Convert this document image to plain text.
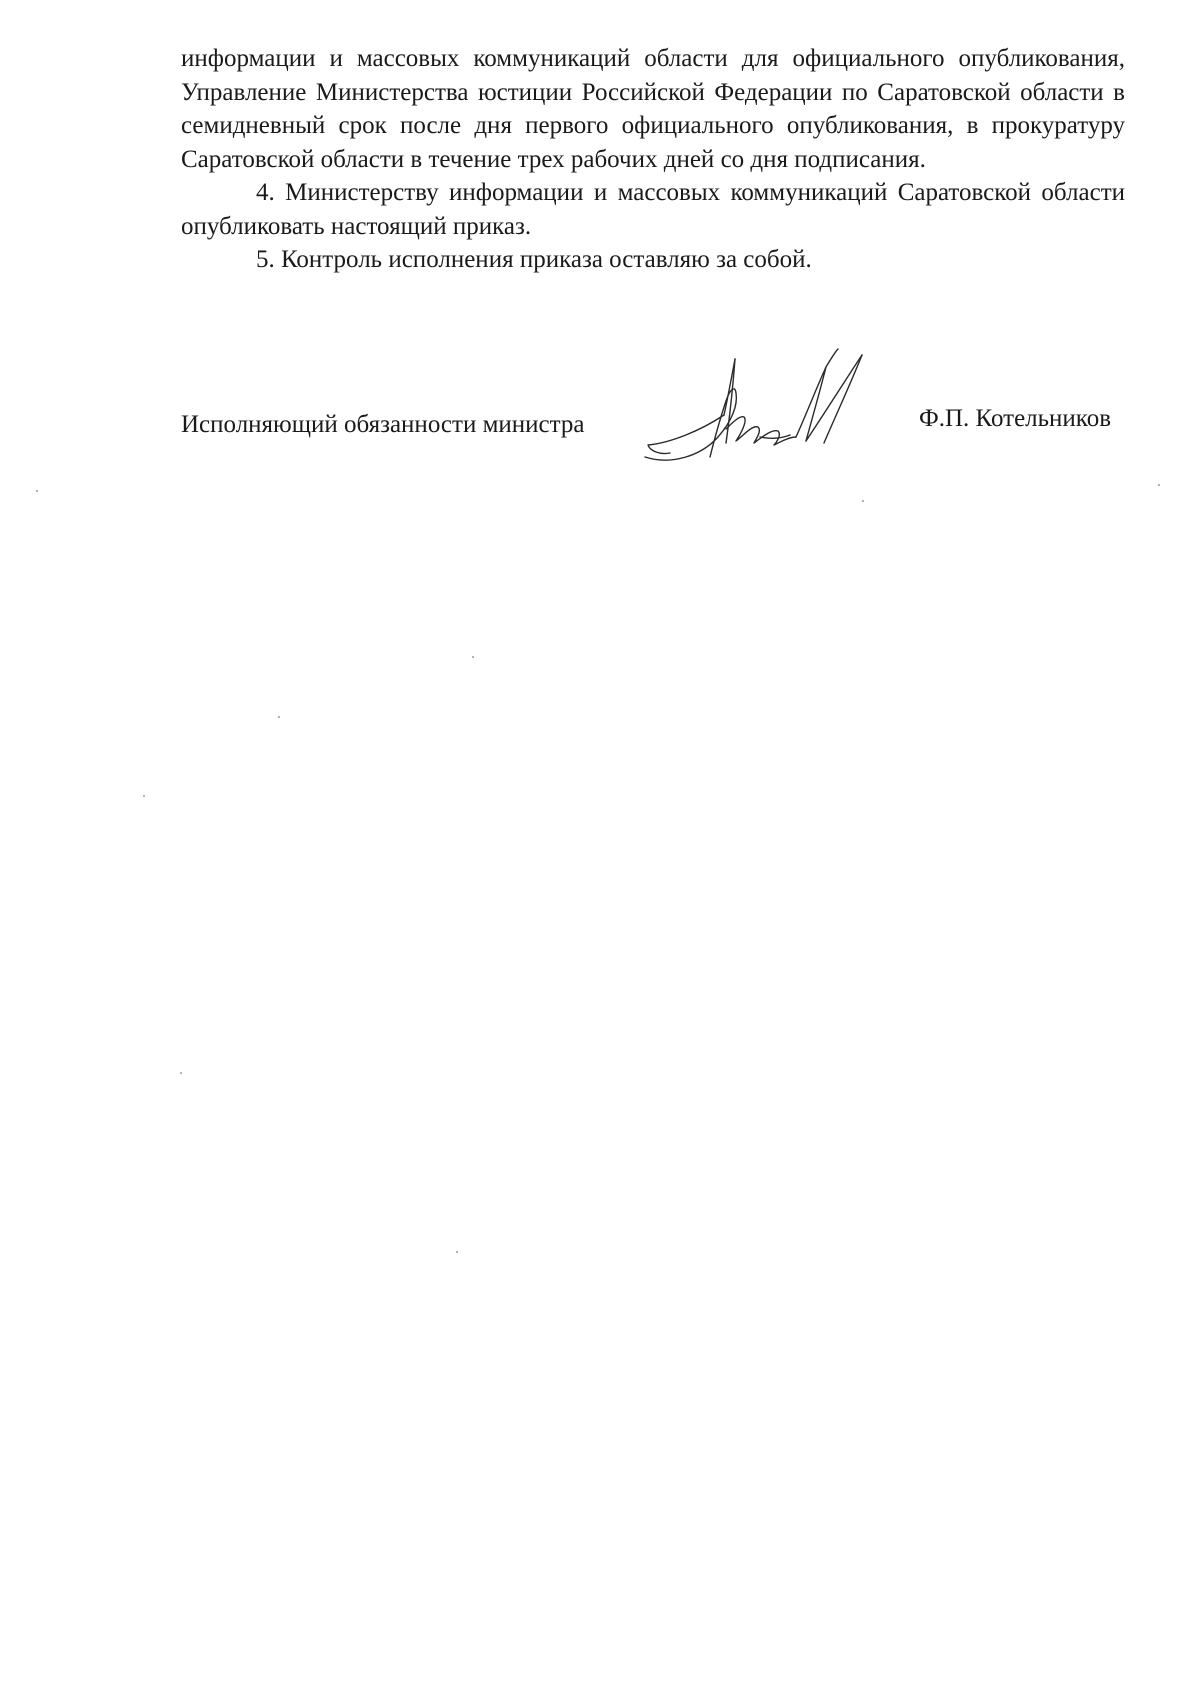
информации и массовых коммуникаций области для официального опубликования, Управление Министерства юстиции Российской Федерации по Саратовской области в семидневный срок после дня первого официального опубликования, в прокуратуру Саратовской области в течение трех рабочих дней со дня подписания.

4. Министерству информации и массовых коммуникаций Саратовской области опубликовать настоящий приказ.

5. Контроль исполнения приказа оставляю за собой.

Исполняющий обязанности министра	Ф.П. Котельников
